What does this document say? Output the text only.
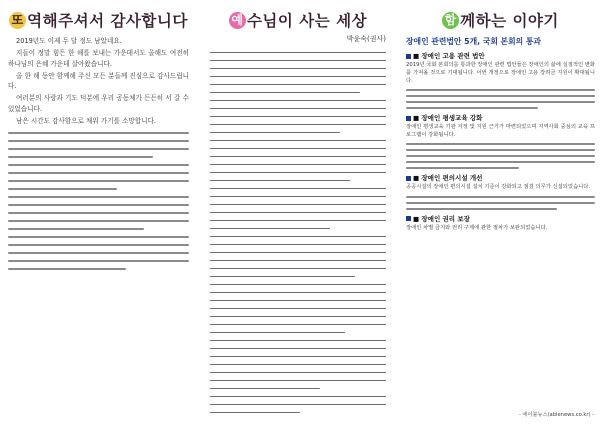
또 역해주셔서
감사합니다

2019년도 이제 두 달 정도 남았네요.

지들이 정말 힘든 한 해를 보내는 가운데서도 올해도 여전히 하나님의 은혜 가운데 살아왔습니다.

올 한 해 동안 함께해 주신 모든 분들께 진심으로 감사드립니다.

여러분의 사랑과 기도 덕분에 우리 공동체가 든든히 서 갈 수 있었습니다.

남은 시간도 감사함으로 채워 가기를 소망합니다.

예 수님이 사는 세상
박윤숙(권사)
함 께하는 이야기
장애인 관련법안 5개, 국회 본회의 통과
■ 장애인 고용 관련 법안
2019년 국회 본회의를 통과한 장애인 관련 법안들은 장애인의 삶에 실질적인 변화를 가져올 것으로 기대됩니다. 이번 개정으로 장애인 고용 장려금 지원이 확대됩니다.
■ 장애인 평생교육 강화
장애인 평생교육 기관 지정 및 지원 근거가 마련되었으며 지역사회 중심의 교육 프로그램이 강화됩니다.
■ 장애인 편의시설 개선
공공시설의 장애인 편의시설 설치 기준이 강화되고 점검 의무가 신설되었습니다.
■ 장애인 권리 보장
장애인 차별 금지와 권리 구제에 관한 절차가 보완되었습니다.
- 에이블뉴스(ablenews.co.kr) -
